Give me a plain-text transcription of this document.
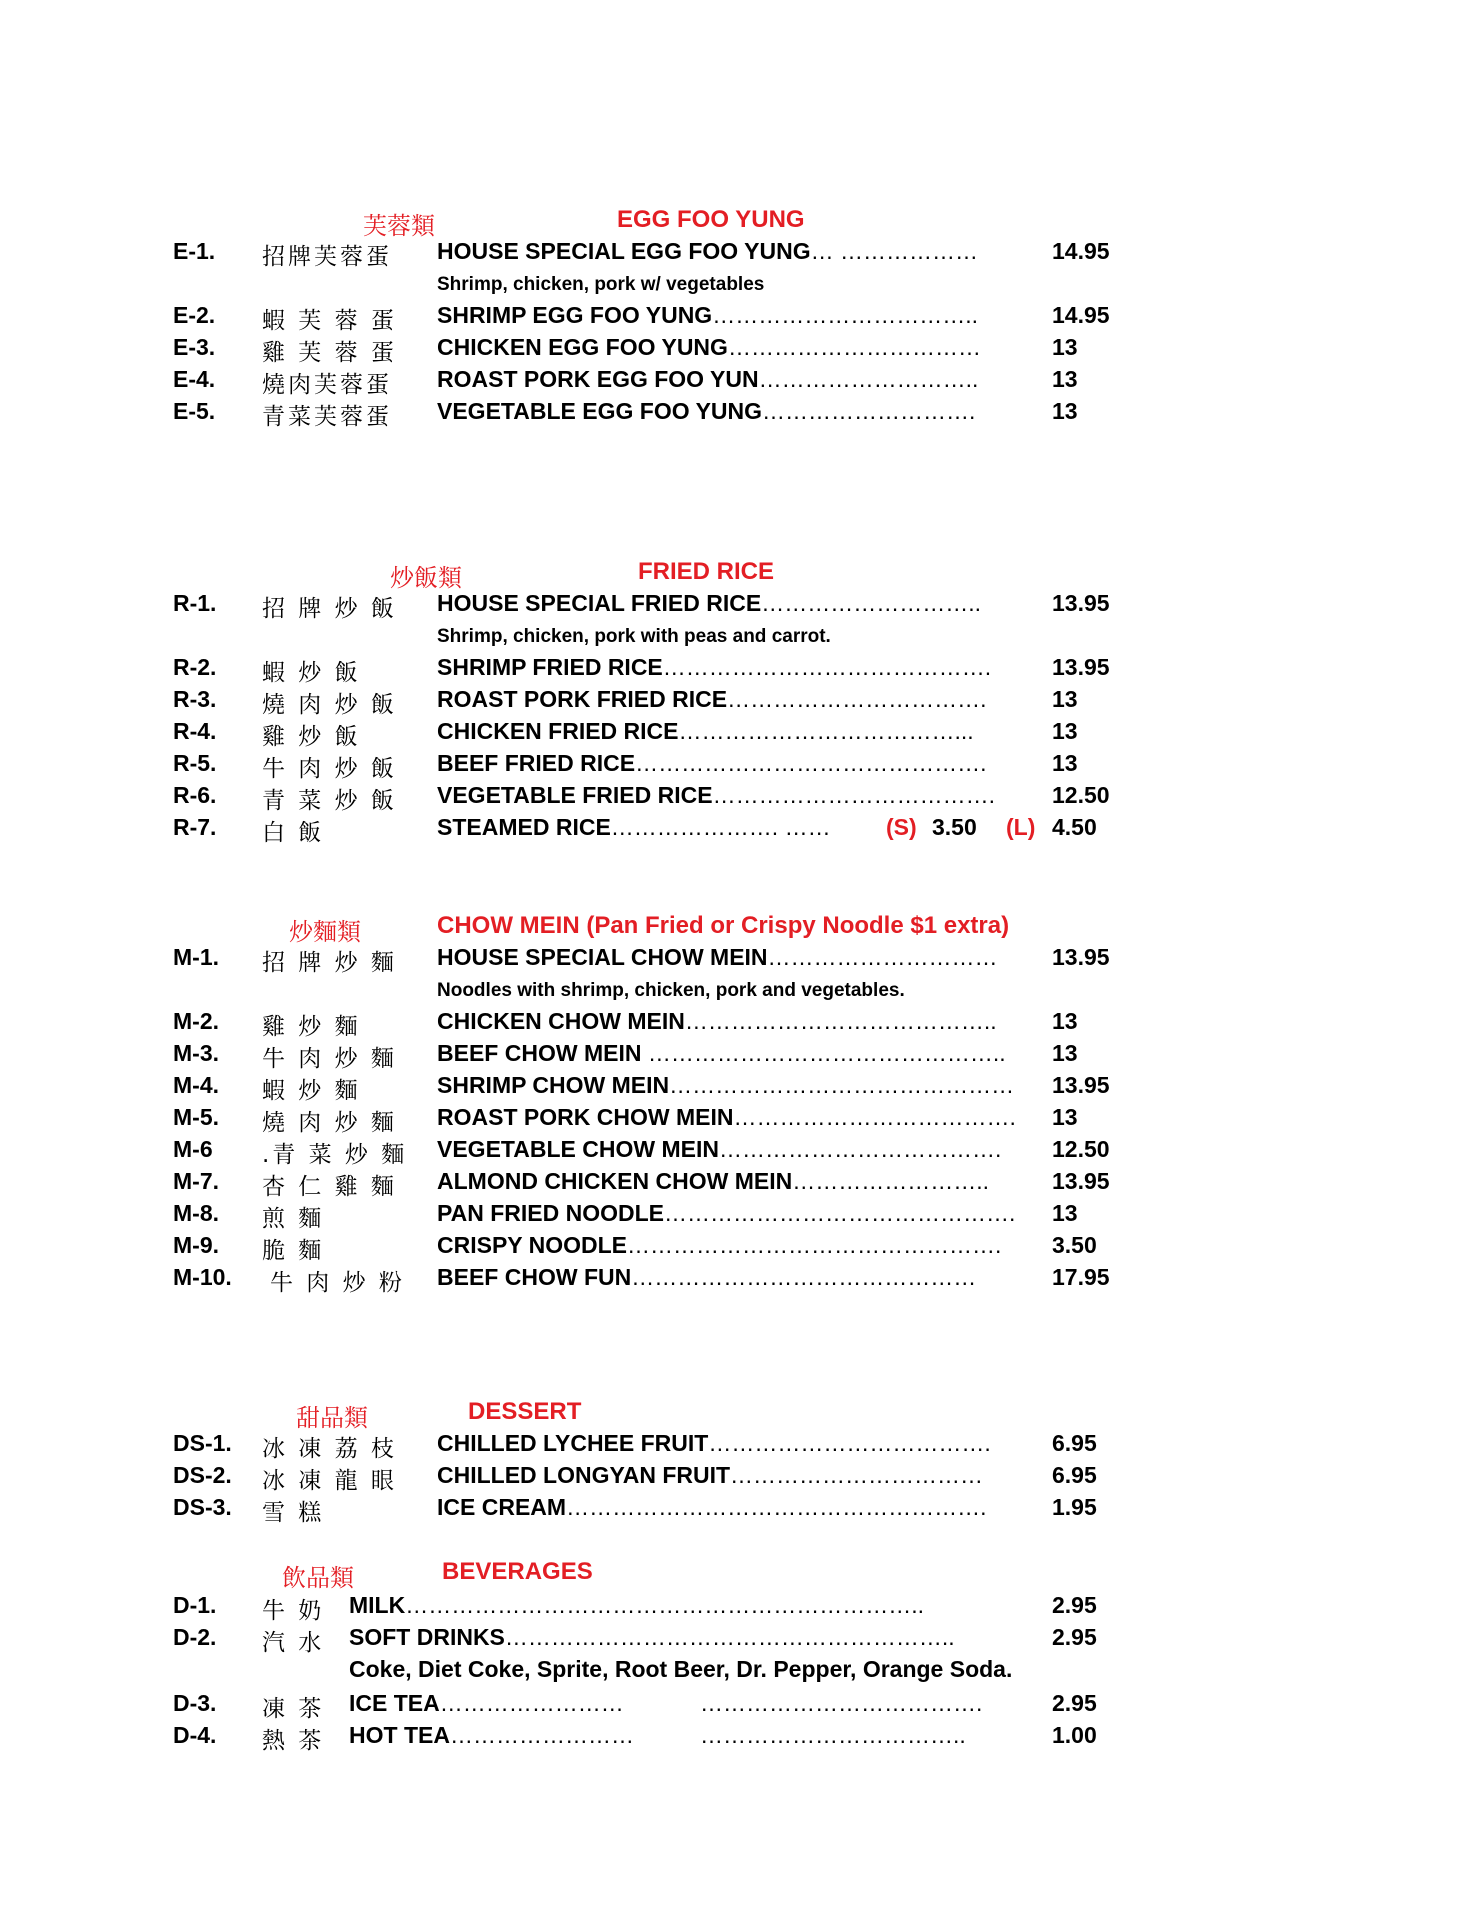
芙蓉類	EGG FOO YUNG
E-1. 招牌芙蓉蛋 HOUSE SPECIAL EGG FOO YUNG… ………………	14.95
Shrimp, chicken, pork w/ vegetables
E-2. 蝦 芙 蓉 蛋 SHRIMP EGG FOO YUNG……………………………..	14.95
E-3. 雞 芙 蓉 蛋 CHICKEN EGG FOO YUNG……………………………	13
E-4. 燒肉芙蓉蛋 ROAST PORK EGG FOO YUN………………………..	13
E-5. 青菜芙蓉蛋 VEGETABLE EGG FOO YUNG……………………….	13
炒飯類	FRIED RICE
R-1. 招 牌 炒 飯 HOUSE SPECIAL FRIED RICE………………………..	13.95
Shrimp, chicken, pork with peas and carrot.
R-2. 蝦 炒 飯	SHRIMP FRIED RICE…………………………………….	13.95
R-3. 燒 肉 炒 飯 ROAST PORK FRIED RICE…………………………….	13
R-4. 雞 炒 飯	CHICKEN FRIED RICE………………………………...	13
R-5. 牛 肉 炒 飯 BEEF FRIED RICE……………………………………….	13
R-6. 青 菜 炒 飯 VEGETABLE FRIED RICE………………………………. 12.50
R-7. 白 飯	STEAMED RICE…………………. …… (S) 3.50 (L) 4.50
炒麵類	CHOW MEIN (Pan Fried or Crispy Noodle $1 extra)
M-1. 招 牌 炒 麵 HOUSE SPECIAL CHOW MEIN………………………… 13.95
Noodles with shrimp, chicken, pork and vegetables.
M-2. 雞 炒 麵	CHICKEN CHOW MEIN………………………………….. 13
M-3. 牛 肉 炒 麵 BEEF CHOW MEIN ……………………………………….. 13
M-4. 蝦 炒 麵	SHRIMP CHOW MEIN……………………………………… 13.95
M-5. 燒 肉 炒 麵 ROAST PORK CHOW MEIN………………………………. 13
M-6 .青 菜 炒 麵 VEGETABLE CHOW MEIN………………………………. 12.50
M-7. 杏 仁 雞 麵 ALMOND CHICKEN CHOW MEIN……………………..	13.95
M-8. 煎 麵	PAN FRIED NOODLE………………………………………. 13
M-9. 脆 麵	CRISPY NOODLE…………………………………………. 3.50
M-10. 牛 肉 炒 粉 BEEF CHOW FUN………………………………………	17.95
甜品類	DESSERT
DS-1. 冰 凍 荔 枝 CHILLED LYCHEE FRUIT……………………………….	6.95
DS-2. 冰 凍 龍 眼 CHILLED LONGYAN FRUIT……………………………	6.95
DS-3. 雪 糕	ICE CREAM……………………………………………….	1.95
飲品類	BEVERAGES
D-1. 牛 奶 MILK…………………………………………………………..	2.95
D-2. 汽 水 SOFT DRINKS…………………………………………………..	2.95
Coke, Diet Coke, Sprite, Root Beer, Dr. Pepper, Orange Soda.
D-3. 凍 茶 ICE TEA……………………	……………………………….	2.95
D-4. 熱 茶 HOT TEA……………………	……………………………..	1.00
